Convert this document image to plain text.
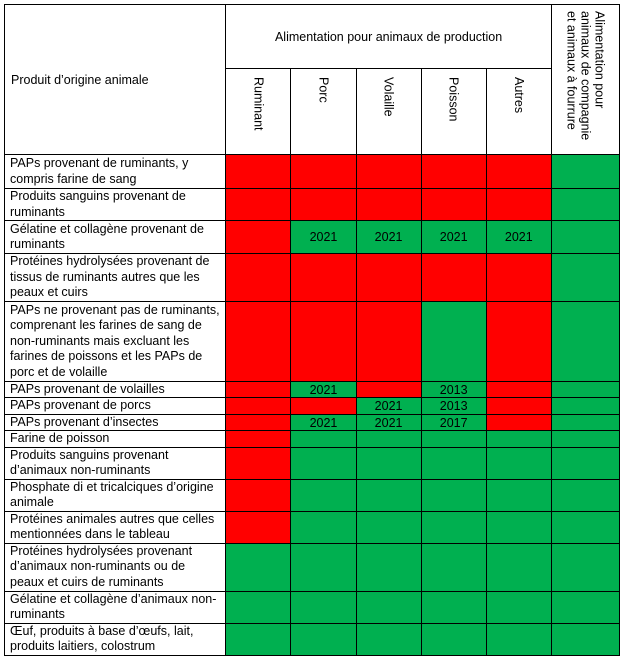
Produit d’origine animale	Alimentation pour animaux de production					Alimentation pour animaux de compagnie et animaux à fourrure

	Ruminant	Porc	Volaille	Poisson	Autres	

PAPs provenant de ruminants, y compris farine de sang						
Produits sanguins provenant de ruminants						
Gélatine et collagène provenant de ruminants		2021	2021	2021	2021	
Protéines hydrolysées provenant de tissus de ruminants autres que les peaux et cuirs						
PAPs ne provenant pas de ruminants, comprenant les farines de sang de non-ruminants mais excluant les farines de poissons et les PAPs de porc et de volaille						
PAPs provenant de volailles		2021		2013		
PAPs provenant de porcs			2021	2013		
PAPs provenant d’insectes		2021	2021	2017		
Farine de poisson						
Produits sanguins provenant d’animaux non-ruminants						
Phosphate di et tricalciques d’origine animale						
Protéines animales autres que celles mentionnées dans le tableau						
Protéines hydrolysées provenant d’animaux non-ruminants ou de peaux et cuirs de ruminants						
Gélatine et collagène d’animaux non-ruminants						
Œuf, produits à base d’œufs, lait, produits laitiers, colostrum						
